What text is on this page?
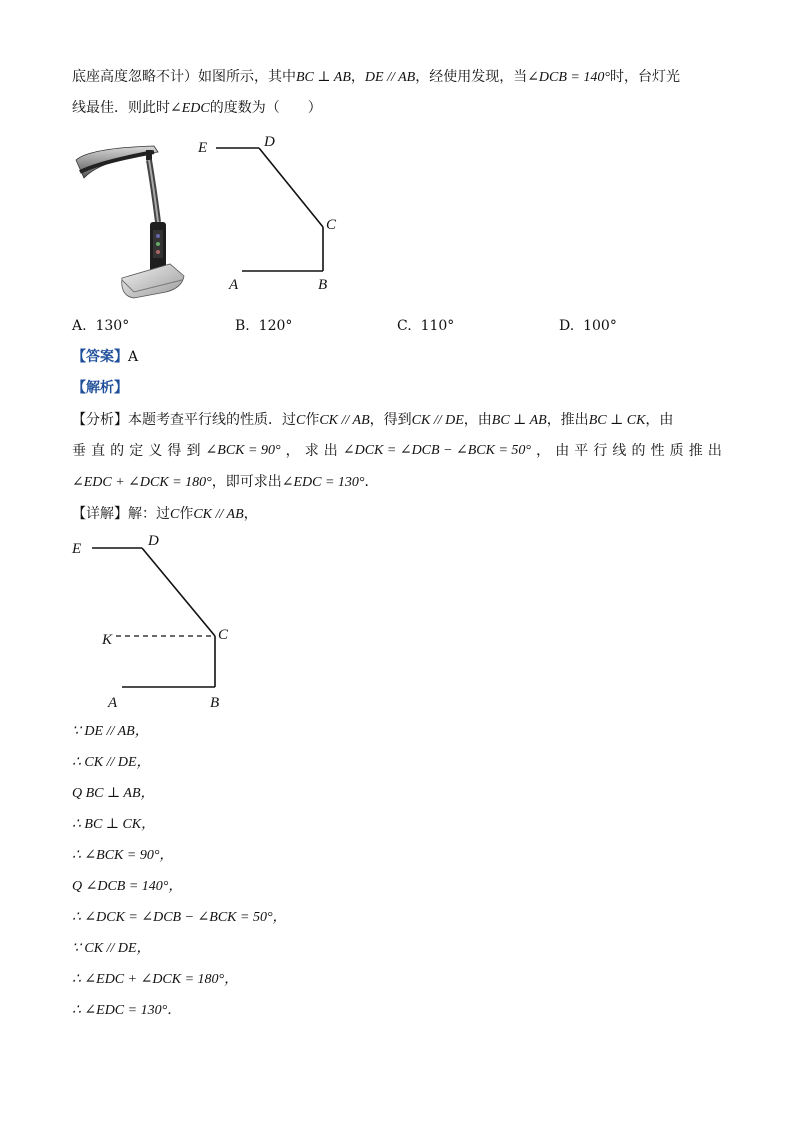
底座高度忽略不计）如图所示，其中BC ⊥ AB，DE // AB，经使用发现，当∠DCB = 140°时，台灯光
线最佳．则此时∠EDC的度数为（　　）
E	D
C
A	B
A. 130°	B. 120°	C. 110°	D. 100°
【答案】A
【解析】
【分析】本题考查平行线的性质．过C作CK // AB，得到CK // DE，由BC ⊥ AB，推出BC ⊥ CK，由
垂 直 的 定 义 得 到 ∠BCK = 90° ， 求 出 ∠DCK = ∠DCB − ∠BCK = 50° ， 由 平 行 线 的 性 质 推 出
∠EDC + ∠DCK = 180°，即可求出∠EDC = 130°．
【详解】解：过C作CK // AB，
E	D
K	C
A	B
∵ DE // AB，
∴ CK // DE，
Q BC ⊥ AB，
∴ BC ⊥ CK，
∴ ∠BCK = 90°，
Q ∠DCB = 140°，
∴ ∠DCK = ∠DCB − ∠BCK = 50°，
∵ CK // DE，
∴ ∠EDC + ∠DCK = 180°，
∴ ∠EDC = 130°．
